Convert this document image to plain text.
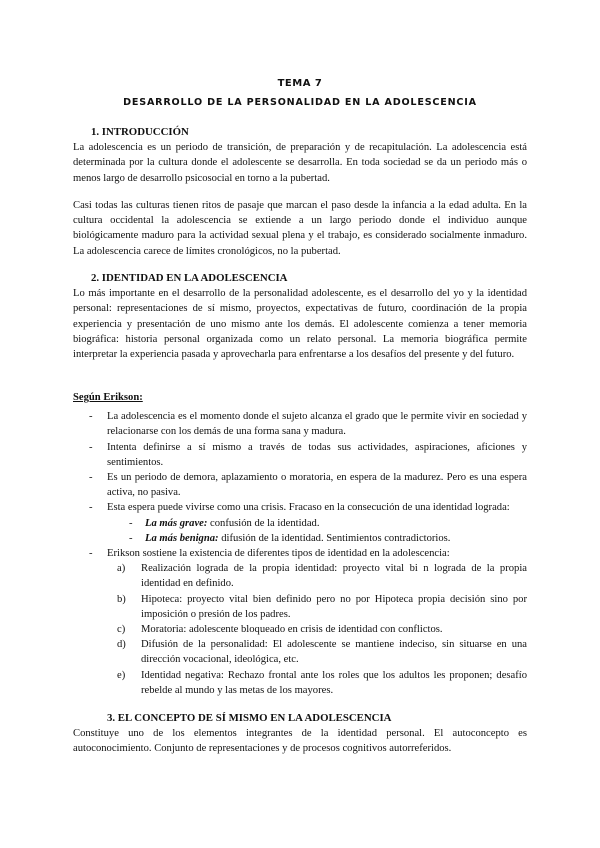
TEMA 7
DESARROLLO DE LA PERSONALIDAD EN LA ADOLESCENCIA
1. INTRODUCCIÓN

La adolescencia es un periodo de transición, de preparación y de recapitulación. La adolescencia está determinada por la cultura donde el adolescente se desarrolla. En toda sociedad se da un periodo más o menos largo de desarrollo psicosocial en torno a la pubertad.

Casi todas las culturas tienen ritos de pasaje que marcan el paso desde la infancia a la edad adulta. En la cultura occidental la adolescencia se extiende a un largo periodo donde el individuo aunque biológicamente maduro para la actividad sexual plena y el trabajo, es considerado socialmente inmaduro. La adolescencia carece de límites cronológicos, no la pubertad.

2. IDENTIDAD EN LA ADOLESCENCIA

Lo más importante en el desarrollo de la personalidad adolescente, es el desarrollo del yo y la identidad personal: representaciones de sí mismo, proyectos, expectativas de futuro, coordinación de la propia experiencia y presentación de uno mismo ante los demás. El adolescente comienza a tener memoria biográfica: historia personal organizada como un relato personal. La memoria biográfica permite interpretar la experiencia pasada y aprovecharla para enfrentarse a los desafíos del presente y del futuro.

Según Erikson:
- La adolescencia es el momento donde el sujeto alcanza el grado que le permite vivir en sociedad y relacionarse con los demás de una forma sana y madura.
- Intenta definirse a sí mismo a través de todas sus actividades, aspiraciones, aficiones y sentimientos.
- Es un periodo de demora, aplazamiento o moratoria, en espera de la madurez. Pero es una espera activa, no pasiva.
- Esta espera puede vivirse como una crisis. Fracaso en la consecución de una identidad lograda:
- La más grave: confusión de la identidad.
- La más benigna: difusión de la identidad. Sentimientos contradictorios.
- Erikson sostiene la existencia de diferentes tipos de identidad en la adolescencia:
a) Realización lograda de la propia identidad: proyecto vital bi n lograda de la propia identidad en definido.
b) Hipoteca: proyecto vital bien definido pero no por Hipoteca propia decisión sino por imposición o presión de los padres.
c) Moratoria: adolescente bloqueado en crisis de identidad con conflictos.
d) Difusión de la personalidad: El adolescente se mantiene indeciso, sin situarse en una dirección vocacional, ideológica, etc.
e) Identidad negativa: Rechazo frontal ante los roles que los adultos les proponen; desafío rebelde al mundo y las metas de los mayores.
3. EL CONCEPTO DE SÍ MISMO EN LA ADOLESCENCIA

Constituye uno de los elementos integrantes de la identidad personal. El autoconcepto es autoconocimiento. Conjunto de representaciones y de procesos cognitivos autorreferidos.
